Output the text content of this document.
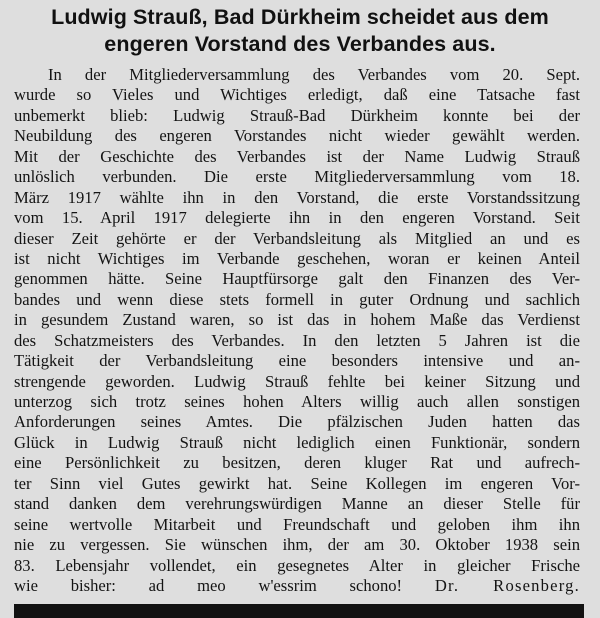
Ludwig Strauß, Bad Dürkheim scheidet aus dem
engeren Vorstand des Verbandes aus.
In der Mitgliederversammlung des Verbandes vom 20. Sept.
wurde so Vieles und Wichtiges erledigt, daß eine Tatsache fast
unbemerkt blieb: Ludwig Strauß-Bad Dürkheim konnte bei der
Neubildung des engeren Vorstandes nicht wieder gewählt werden.
Mit der Geschichte des Verbandes ist der Name Ludwig Strauß
unlöslich verbunden. Die erste Mitgliederversammlung vom 18.
März 1917 wählte ihn in den Vorstand, die erste Vorstandssitzung
vom 15. April 1917 delegierte ihn in den engeren Vorstand. Seit
dieser Zeit gehörte er der Verbandsleitung als Mitglied an und es
ist nicht Wichtiges im Verbande geschehen, woran er keinen Anteil
genommen hätte. Seine Hauptfürsorge galt den Finanzen des Ver-
bandes und wenn diese stets formell in guter Ordnung und sachlich
in gesundem Zustand waren, so ist das in hohem Maße das Verdienst
des Schatzmeisters des Verbandes. In den letzten 5 Jahren ist die
Tätigkeit der Verbandsleitung eine besonders intensive und an-
strengende geworden. Ludwig Strauß fehlte bei keiner Sitzung und
unterzog sich trotz seines hohen Alters willig auch allen sonstigen
Anforderungen seines Amtes. Die pfälzischen Juden hatten das
Glück in Ludwig Strauß nicht lediglich einen Funktionär, sondern
eine Persönlichkeit zu besitzen, deren kluger Rat und aufrech-
ter Sinn viel Gutes gewirkt hat. Seine Kollegen im engeren Vor-
stand danken dem verehrungswürdigen Manne an dieser Stelle für
seine wertvolle Mitarbeit und Freundschaft und geloben ihm ihn
nie zu vergessen. Sie wünschen ihm, der am 30. Oktober 1938 sein
83. Lebensjahr vollendet, ein gesegnetes Alter in gleicher Frische
wie bisher: ad meo w'essrim schono! Dr. Rosenberg.
